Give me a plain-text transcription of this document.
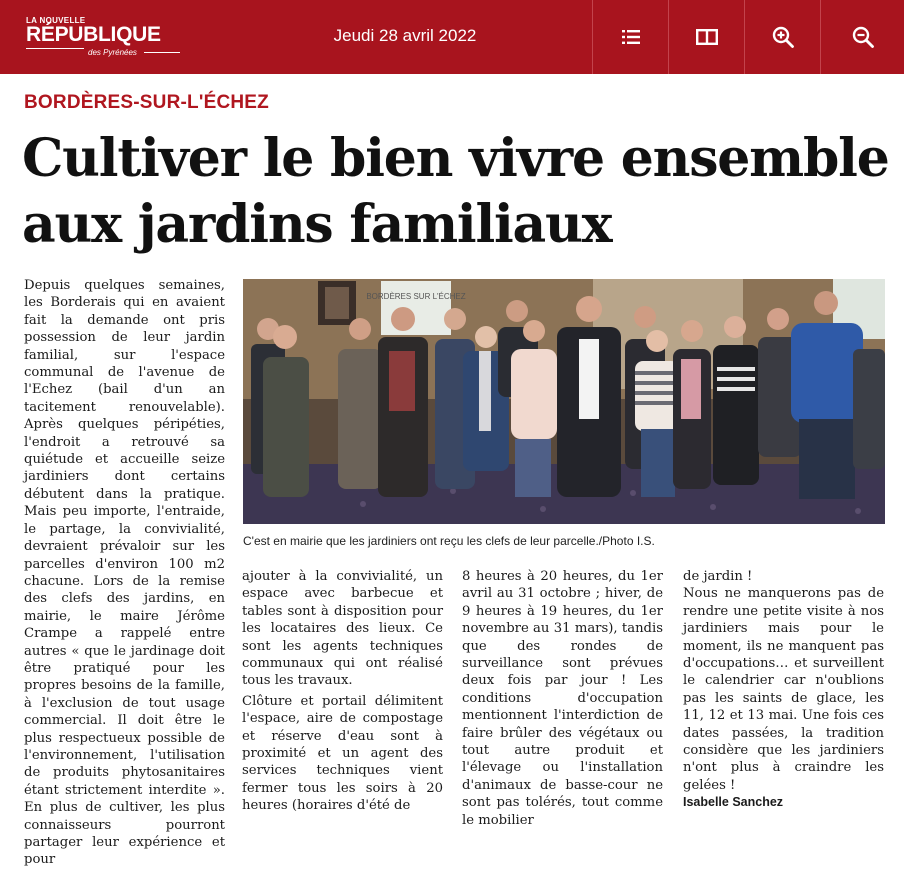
LA NOUVELLE
RÉPUBLIQUE
des Pyrénées
Jeudi 28 avril 2022
BORDÈRES-SUR-L'ÉCHEZ
Cultiver le bien vivre ensemble aux jardins familiaux

Depuis quelques semaines, les Borderais qui en avaient fait la demande ont pris possession de leur jardin familial, sur l'espace communal de l'avenue de l'Echez (bail d'un an tacitement renouvelable). Après quelques péripéties, l'endroit a retrouvé sa quiétude et accueille seize jardiniers dont certains débutent dans la pratique. Mais peu importe, l'entraide, le partage, la convivialité, devraient prévaloir sur les parcelles d'environ 100 m2 chacune. Lors de la remise des clefs des jardins, en mairie, le maire Jérôme Crampe a rappelé entre autres « que le jardinage doit être pratiqué pour les propres besoins de la famille, à l'exclusion de tout usage commercial. Il doit être le plus respectueux possible de l'environnement, l'utilisation de produits phytosanitaires étant strictement interdite ». En plus de cultiver, les plus connaisseurs pourront partager leur expérience et pour

BORDÈRES SUR L'ÉCHEZ
C'est en mairie que les jardiniers ont reçu les clefs de leur parcelle./Photo I.S.

ajouter à la convivialité, un espace avec barbecue et tables sont à disposition pour les locataires des lieux. Ce sont les agents techniques communaux qui ont réalisé tous les travaux.

Clôture et portail délimitent l'espace, aire de compostage et réserve d'eau sont à proximité et un agent des services techniques vient fermer tous les soirs à 20 heures (horaires d'été de

8 heures à 20 heures, du 1er avril au 31 octobre ; hiver, de 9 heures à 19 heures, du 1er novembre au 31 mars), tandis que des rondes de surveillance sont prévues deux fois par jour ! Les conditions d'occupation mentionnent l'interdiction de faire brûler des végétaux ou tout autre produit et l'élevage ou l'installation d'animaux de basse-cour ne sont pas tolérés, tout comme le mobilier

de jardin !

Nous ne manquerons pas de rendre une petite visite à nos jardiniers mais pour le moment, ils ne manquent pas d'occupations… et surveillent le calendrier car n'oublions pas les saints de glace, les 11, 12 et 13 mai. Une fois ces dates passées, la tradition considère que les jardiniers n'ont plus à craindre les gelées !

Isabelle Sanchez
